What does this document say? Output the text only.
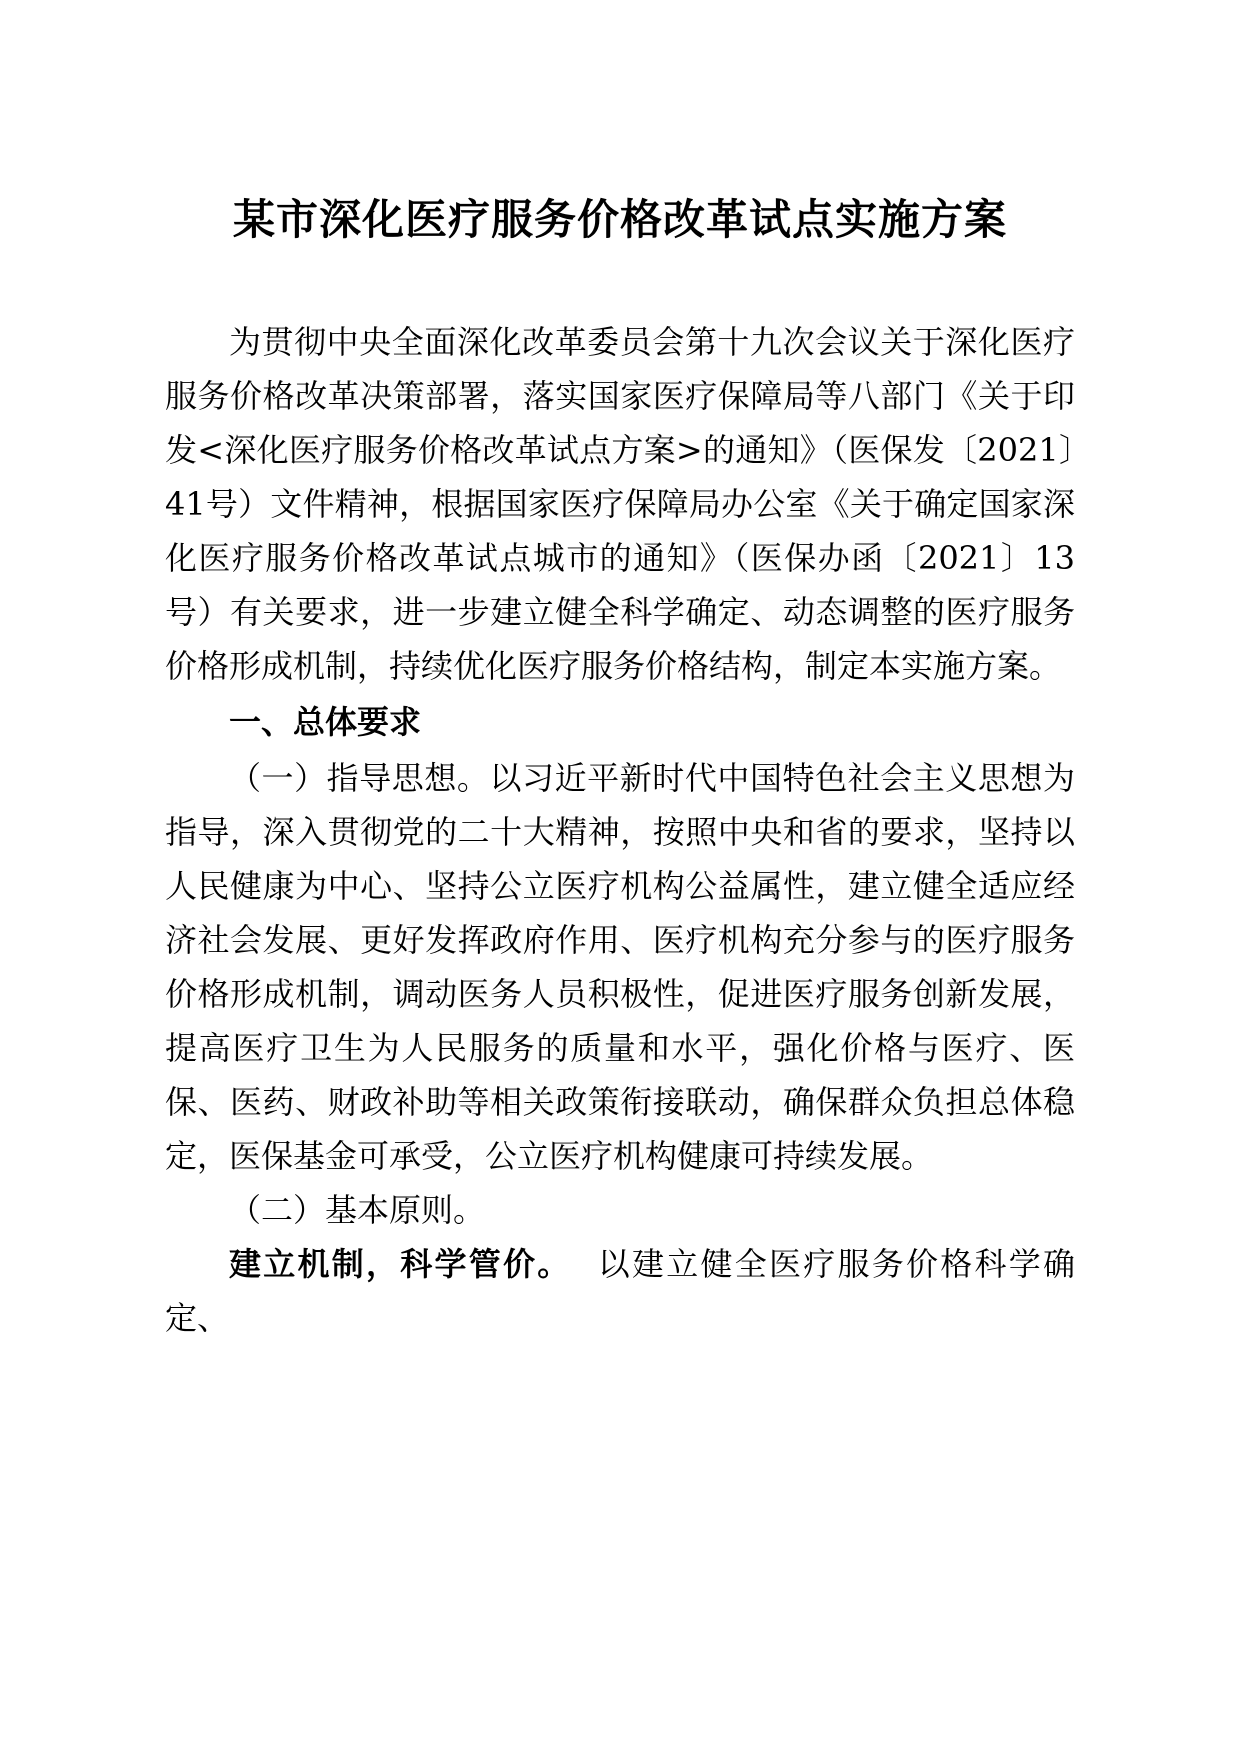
某市深化医疗服务价格改革试点实施方案

为贯彻中央全面深化改革委员会第十九次会议关于深化医疗服务价格改革决策部署，落实国家医疗保障局等八部门《关于印发<深化医疗服务价格改革试点方案>的通知》（医保发〔2021〕41号）文件精神，根据国家医疗保障局办公室《关于确定国家深化医疗服务价格改革试点城市的通知》（医保办函〔2021〕13号）有关要求，进一步建立健全科学确定、动态调整的医疗服务价格形成机制，持续优化医疗服务价格结构，制定本实施方案。

一、总体要求

（一）指导思想。以习近平新时代中国特色社会主义思想为指导，深入贯彻党的二十大精神，按照中央和省的要求，坚持以人民健康为中心、坚持公立医疗机构公益属性，建立健全适应经济社会发展、更好发挥政府作用、医疗机构充分参与的医疗服务价格形成机制，调动医务人员积极性，促进医疗服务创新发展，提高医疗卫生为人民服务的质量和水平，强化价格与医疗、医保、医药、财政补助等相关政策衔接联动，确保群众负担总体稳定，医保基金可承受，公立医疗机构健康可持续发展。

（二）基本原则。

建立机制，科学管价。 以建立健全医疗服务价格科学确定、
